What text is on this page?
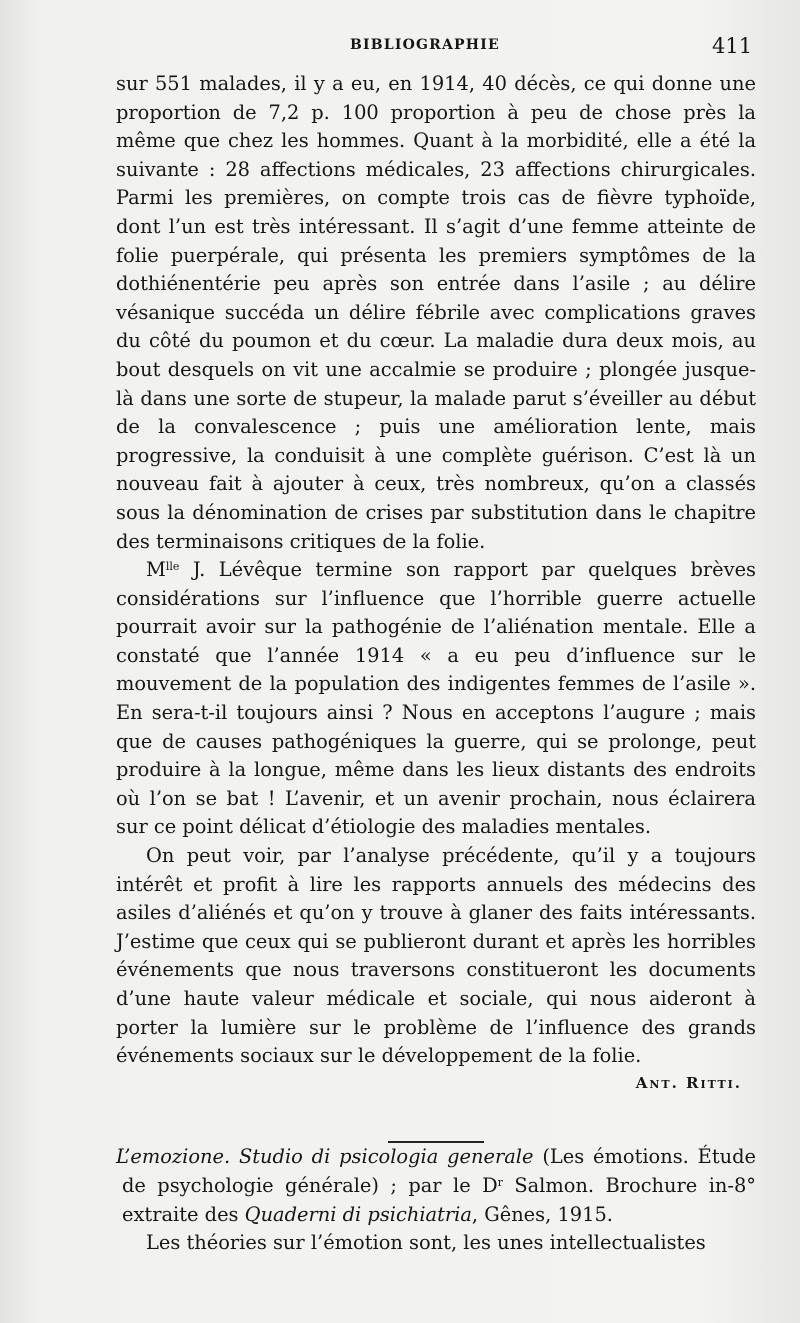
BIBLIOGRAPHIE	411

sur 551 malades, il y a eu, en 1914, 40 décès, ce qui donne une proportion de 7,2 p. 100 proportion à peu de chose près la même que chez les hommes. Quant à la morbidité, elle a été la suivante : 28 affections médicales, 23 affections chirurgicales. Parmi les premières, on compte trois cas de fièvre typhoïde, dont l’un est très intéressant. Il s’agit d’une femme atteinte de folie puerpérale, qui présenta les premiers symptômes de la dothiénentérie peu après son entrée dans l’asile ; au délire vésanique succéda un délire fébrile avec complications graves du côté du poumon et du cœur. La maladie dura deux mois, au bout desquels on vit une accalmie se produire ; plongée jusque-là dans une sorte de stupeur, la malade parut s’éveiller au début de la convalescence ; puis une amélioration lente, mais progressive, la conduisit à une complète guérison. C’est là un nouveau fait à ajouter à ceux, très nombreux, qu’on a classés sous la dénomination de crises par substitution dans le chapitre des terminaisons critiques de la folie.

$M^{lle}$ J. Lévêque termine son rapport par quelques brèves considérations sur l’influence que l’horrible guerre actuelle pourrait avoir sur la pathogénie de l’aliénation mentale. Elle a constaté que l’année 1914 « a eu peu d’influence sur le mouvement de la population des indigentes femmes de l’asile ». En sera-t-il toujours ainsi ? Nous en acceptons l’augure ; mais que de causes pathogéniques la guerre, qui se prolonge, peut produire à la longue, même dans les lieux distants des endroits où l’on se bat ! L’avenir, et un avenir prochain, nous éclairera sur ce point délicat d’étiologie des maladies mentales.

On peut voir, par l’analyse précédente, qu’il y a toujours intérêt et profit à lire les rapports annuels des médecins des asiles d’aliénés et qu’on y trouve à glaner des faits intéressants. J’estime que ceux qui se publieront durant et après les horribles événements que nous traversons constitueront les documents d’une haute valeur médicale et sociale, qui nous aideront à porter la lumière sur le problème de l’influence des grands événements sociaux sur le développement de la folie.

Ant. Ritti.

L’emozione. Studio di psicologia generale (Les émotions. Étude de psychologie générale) ; par le $D^r$ Salmon. Brochure in-8° extraite des Quaderni di psichiatria, Gênes, 1915.

Les théories sur l’émotion sont, les unes intellectualistes
